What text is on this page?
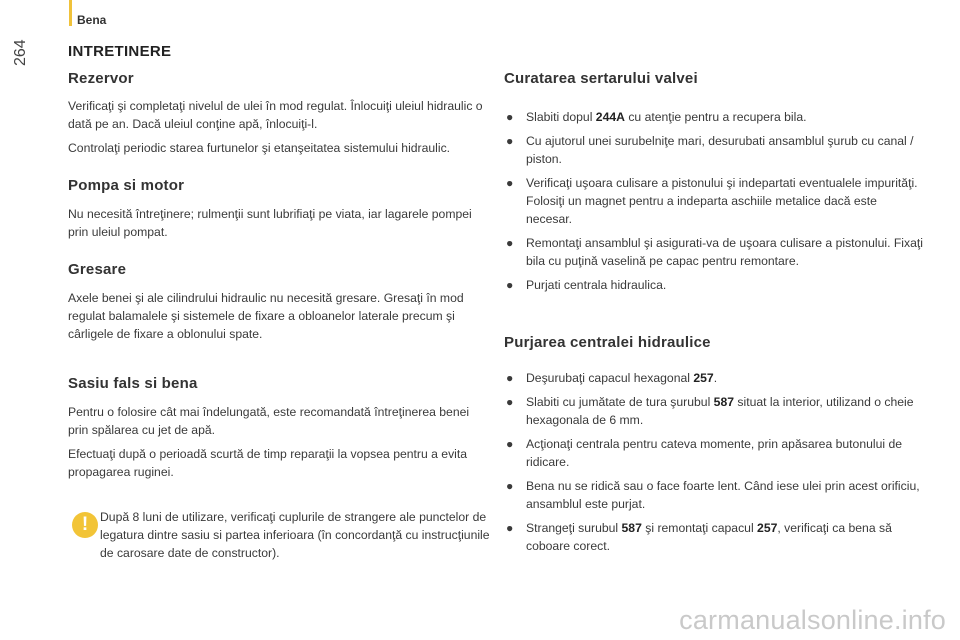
Bena
264	INTRETINERE
Rezervor

Verificaţi şi completaţi nivelul de ulei în mod regulat. Înlocuiţi uleiul hidraulic o dată pe an. Dacă uleiul conţine apă, înlocuiţi-l.

Controlaţi periodic starea furtunelor şi etanşeitatea sistemului hidraulic.

Pompa si motor

Nu necesită întreţinere; rulmenţii sunt lubrifiaţi pe viata, iar lagarele pompei prin uleiul pompat.

Gresare

Axele benei şi ale cilindrului hidraulic nu necesită gresare. Gresaţi în mod regulat balamalele şi sistemele de fixare a obloanelor laterale precum şi cârligele de fixare a oblonului spate.

Sasiu fals si bena

Pentru o folosire cât mai îndelungată, este recomandată întreţinerea benei prin spălarea cu jet de apă.

Efectuaţi după o perioadă scurtă de timp reparaţii la vopsea pentru a evita propagarea ruginei.

! După 8 luni de utilizare, verificaţi cuplurile de strangere ale punctelor de legatura dintre sasiu si partea inferioara (în concordanţă cu instrucţiunile de carosare date de constructor).
Curatarea sertarului valvei
● Slabiti dopul 244A cu atenţie pentru a recupera bila.
● Cu ajutorul unei surubelniţe mari, desurubati ansamblul şurub cu canal / piston.
● Verificaţi uşoara culisare a pistonului şi indepartati eventualele impurităţi. Folosiţi un magnet pentru a indeparta aschiile metalice dacă este necesar.
● Remontaţi ansamblul şi asigurati-va de uşoara culisare a pistonului. Fixaţi bila cu puţină vaselină pe capac pentru remontare.
● Purjati centrala hidraulica.
Purjarea centralei hidraulice
● Deşurubaţi capacul hexagonal 257.
● Slabiti cu jumătate de tura şurubul 587 situat la interior, utilizand o cheie hexagonala de 6 mm.
● Acţionaţi centrala pentru cateva momente, prin apăsarea butonului de ridicare.
● Bena nu se ridică sau o face foarte lent. Când iese ulei prin acest orificiu, ansamblul este purjat.
● Strangeţi surubul 587 şi remontaţi capacul 257, verificaţi ca bena să coboare corect.
carmanualsonline.info
